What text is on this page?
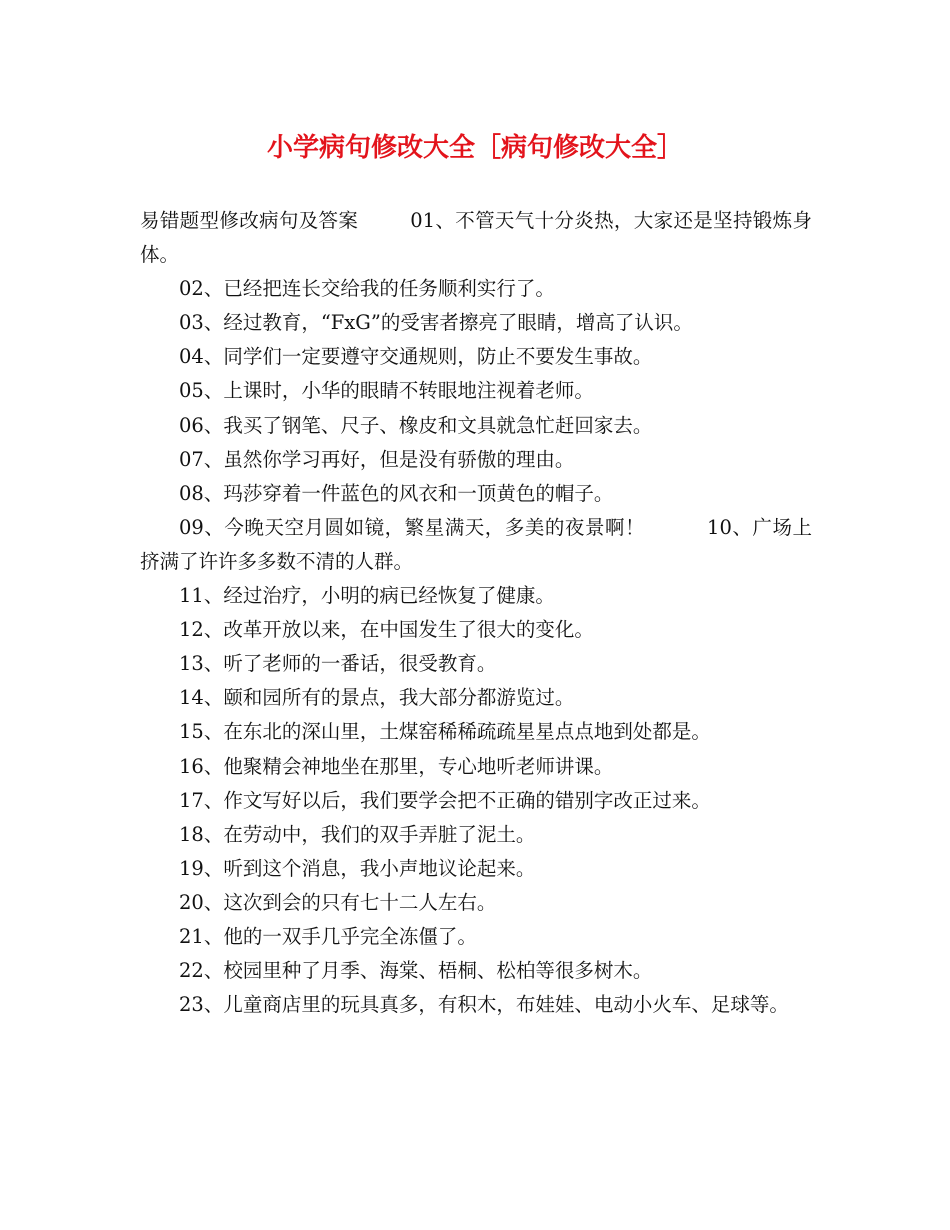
小学病句修改大全［病句修改大全］

易错题型修改病句及答案	01、不管天气十分炎热，大家还是坚持锻炼身体。

02、已经把连长交给我的任务顺利实行了。

03、经过教育，“FxG”的受害者擦亮了眼睛，增高了认识。

04、同学们一定要遵守交通规则，防止不要发生事故。

05、上课时，小华的眼睛不转眼地注视着老师。

06、我买了钢笔、尺子、橡皮和文具就急忙赶回家去。

07、虽然你学习再好，但是没有骄傲的理由。

08、玛莎穿着一件蓝色的风衣和一顶黄色的帽子。

09、今晚天空月圆如镜，繁星满天，多美的夜景啊！	10、广场上挤满了许许多多数不清的人群。

11、经过治疗，小明的病已经恢复了健康。

12、改革开放以来，在中国发生了很大的变化。

13、听了老师的一番话，很受教育。

14、颐和园所有的景点，我大部分都游览过。

15、在东北的深山里，土煤窑稀稀疏疏星星点点地到处都是。

16、他聚精会神地坐在那里，专心地听老师讲课。

17、作文写好以后，我们要学会把不正确的错别字改正过来。

18、在劳动中，我们的双手弄脏了泥土。

19、听到这个消息，我小声地议论起来。

20、这次到会的只有七十二人左右。

21、他的一双手几乎完全冻僵了。

22、校园里种了月季、海棠、梧桐、松柏等很多树木。

23、儿童商店里的玩具真多，有积木，布娃娃、电动小火车、足球等。
